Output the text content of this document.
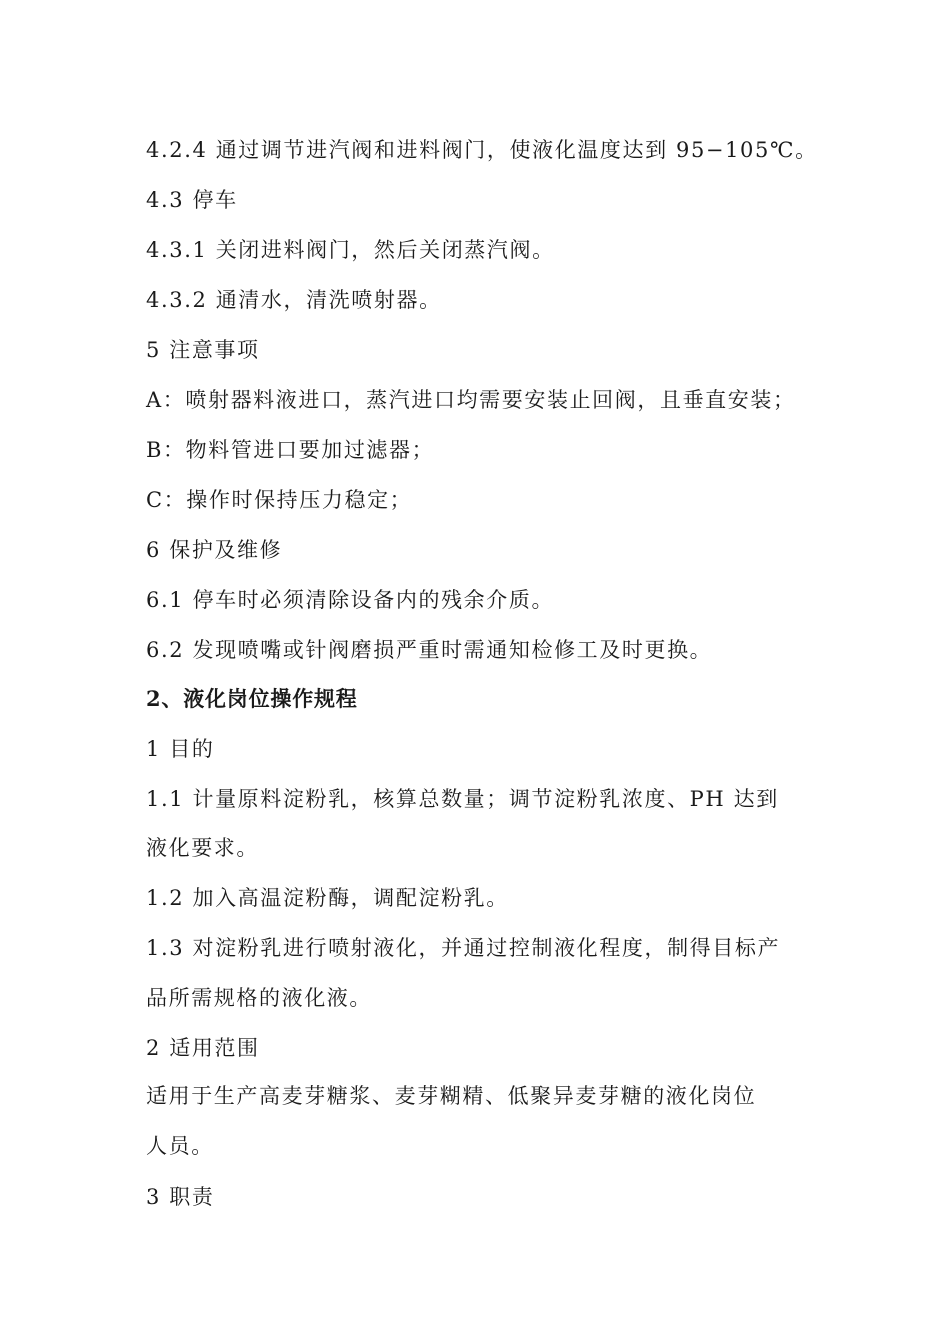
4.2.4 通过调节进汽阀和进料阀门，使液化温度达到 95−105℃。
4.3 停车
4.3.1 关闭进料阀门，然后关闭蒸汽阀。
4.3.2 通清水，清洗喷射器。
5 注意事项
A：喷射器料液进口，蒸汽进口均需要安装止回阀，且垂直安装；
B：物料管进口要加过滤器；
C：操作时保持压力稳定；
6 保护及维修
6.1 停车时必须清除设备内的残余介质。
6.2 发现喷嘴或针阀磨损严重时需通知检修工及时更换。
2、液化岗位操作规程
1 目的
1.1 计量原料淀粉乳，核算总数量；调节淀粉乳浓度、PH 达到
液化要求。
1.2 加入高温淀粉酶，调配淀粉乳。
1.3 对淀粉乳进行喷射液化，并通过控制液化程度，制得目标产
品所需规格的液化液。
2 适用范围
适用于生产高麦芽糖浆、麦芽糊精、低聚异麦芽糖的液化岗位
人员。
3 职责
